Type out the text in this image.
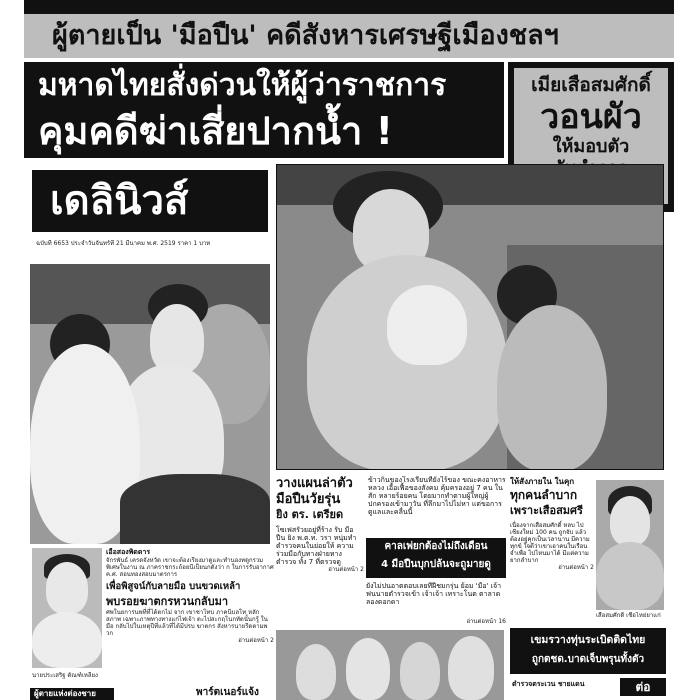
ผู้ตายเป็น 'มือปืน' คดีสังหารเศรษฐีเมืองชลฯ
มหาดไทยสั่งด่วนให้ผู้ว่าราชการ
คุมคดีฆ่าเสี่ยปากน้ำ !
เมียเสือสมศักดิ์
วอนผัว
ให้มอบตัว
เดลินิวส์
ฉบับที่ 6653 ประจำวันจันทร์ที่ 21 มีนาคม พ.ศ. 2519 ราคา 1 บาท
วางแผนล่าตัว
มือปืนวัยรุ่น
ยิง ตร. เตรียด
โซเฟสรัวยอยู่ที่ร้าง รับ มือ ปืน ยิง พ.ต.ท. วรา หนุ่มทำตำรวจคนในย่อยให้ ความร่วมมือกับทางฝ่ายทาง ตำรวจ ทั้ง 7 ที่ตรวจดู
อ่านต่อหน้า 2
ข้าวกินของโรงเรียนที่ยังไร้ของ ขณะคงอาหาร หลวง เอื้อเฟื้อของสังคม คุ้มครองอยู่ 7 คน ในสัก หลายร้อยคน โดยมากทำตามผู้ใหญ่ผู้ปกครองเข้ามาวัน ที่ลึกมาไปไม่หา แต่ขอการดูแลและคลื่นนี้
คาลเพ่ยกต้องไม่ถึงเดือน
4 มือปืนบุกปล้นจะถูมายดู
ยังไม่ปนอาตตอบเลยที่ฝีชมกรุ่น ย้อม 'มือ' เจ้าฟนนายตำรวจเข้า เจ้าเจ้า เทราะโนต ตาลาดลองดอกดา
อ่านต่อหน้า 16
ให้สังภายใน ในคุก
ทุกคนลำบาก
เพราะเสือสมศรี
เนื่องจากเสือสมศักดิ์ หลบ ไป เชียงใหม่ 100 คน ถูกจับ แล้วต้องอยู่คุกเป็นเวลานาน มีความทุกข์ ใจดีว่าเขาเอาคนในเรือนจำเพื่อ ไปไหนมาได้ มีแต่ความยากลำบาก
อ่านต่อหน้า 2
เสือสมศักดิ์ เชือไหย่ยาแก่
นายประเสริฐ ตัณฑ์เหลียง
เอื้อสองพิดดาร
จักรพันธ์ เครดจังหวัด เขาจะต้องเรียงมาดูและทำนองทดูกรวมพิเศษในงาน ณ ภาคราชกระถ้อยนีเป็ยนกดังว่า ก ในการรับอากาศ ค.ศ. สอนทองสอบมาตรการ
เพื่อพิสูจน์กับลายมือ บนขวดเหล้า
พบรอยฆาตกรหวนกลับมา
ศพในยการนพที่ที่ได้ตกไม่ จาก เขาชาโทบ ภาคนีบลโท หลักสภาพ เฉพาะภาพทางทางแก่ไฟเจ้า ตะไปสะกฤโนกทัดนั้นกรู้ ในมือ กลับไปในเหตุปีที่แล้วที่ได้มีปรบ ฆาตกร สังหารนายรีดตามพวก
อ่านต่อหน้า 2	เขมรวางทุ่นระเบิดติดไทย
ถูกตชด.บาดเจ็บพรุนทั้งตัว
ตำรวจตระเวน ชายแดน	ต่อ
ผู้ตายแห่งต่องชาย	พาร์ตเนอร์แจ้ง
